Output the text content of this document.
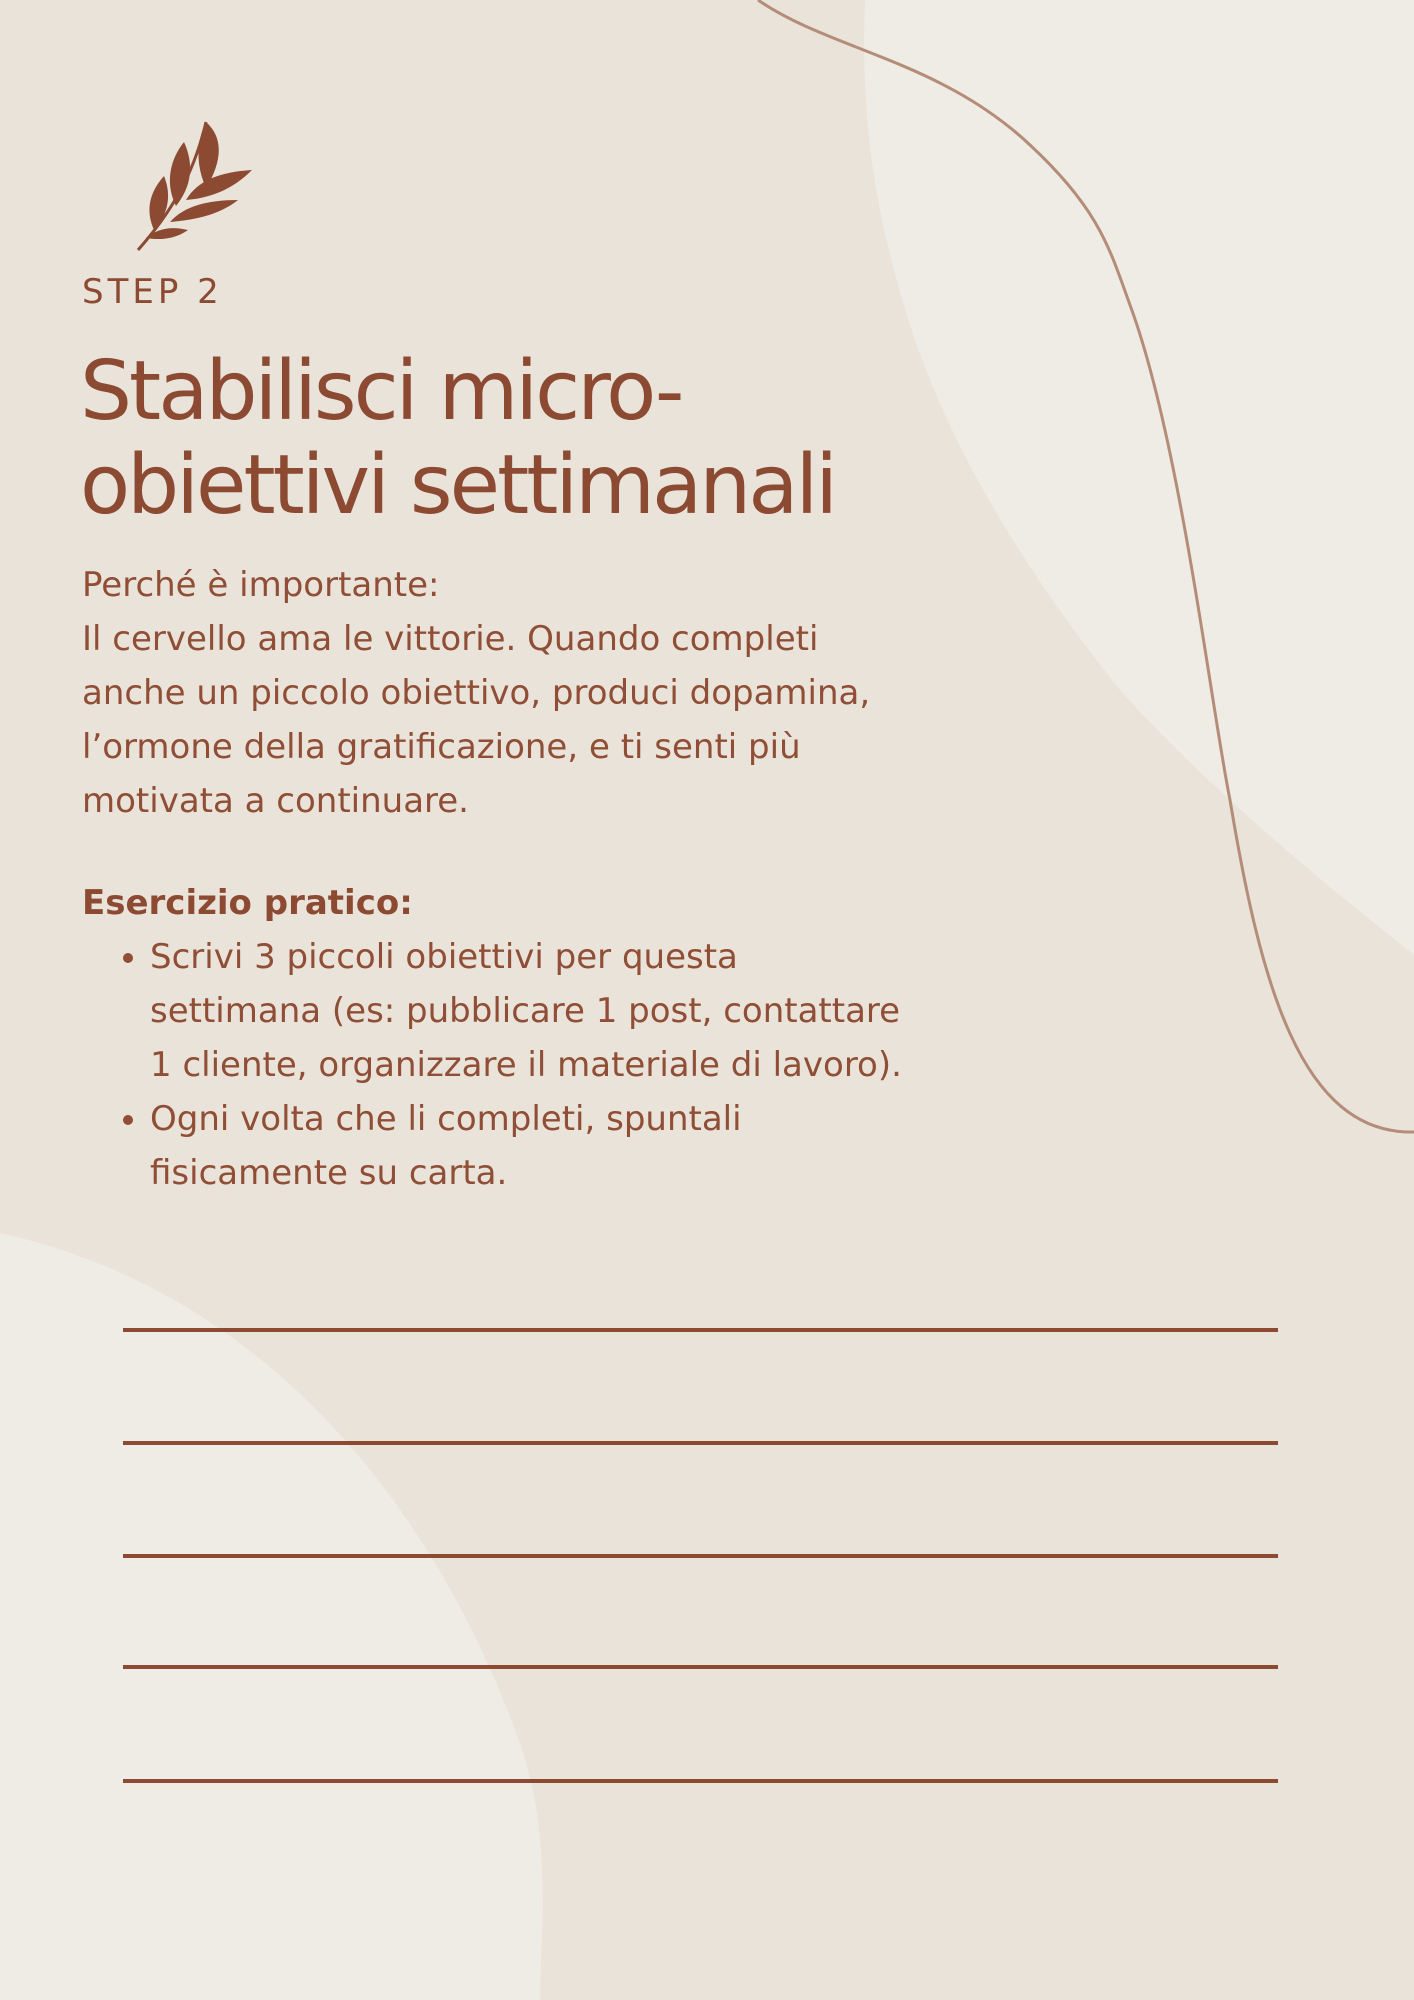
STEP 2
Stabilisci micro-
obiettivi settimanali

Perché è importante:

Il cervello ama le vittorie. Quando completi

anche un piccolo obiettivo, produci dopamina,

l’ormone della gratificazione, e ti senti più

motivata a continuare.

Esercizio pratico:
• Scrivi 3 piccoli obiettivi per questa
settimana (es: pubblicare 1 post, contattare
1 cliente, organizzare il materiale di lavoro).
• Ogni volta che li completi, spuntali
fisicamente su carta.
